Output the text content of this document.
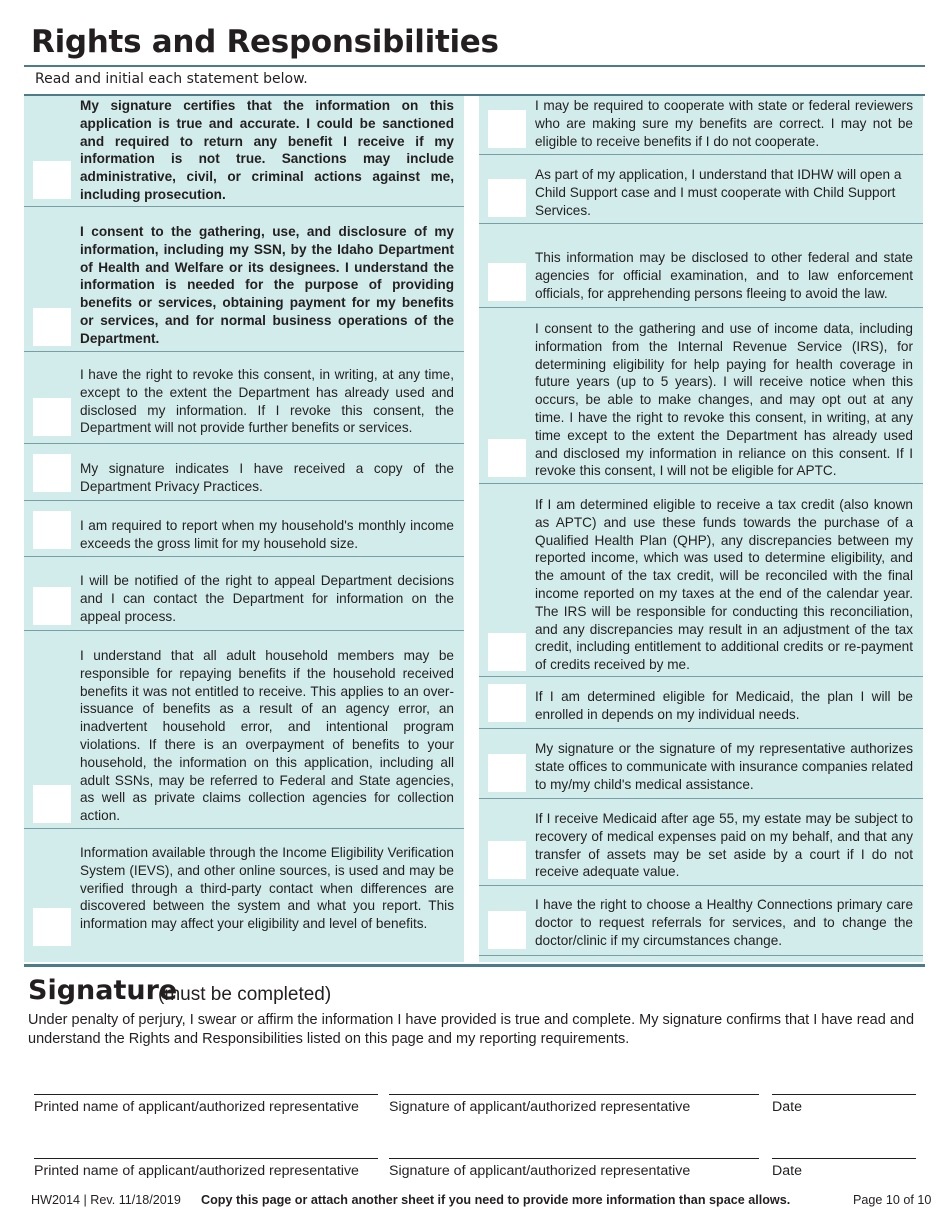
Rights and Responsibilities
Read and initial each statement below.
My signature certifies that the information on this application is true and accurate. I could be sanctioned and required to return any benefit I receive if my information is not true. Sanctions may include administrative, civil, or criminal actions against me, including prosecution.
I consent to the gathering, use, and disclosure of my information, including my SSN, by the Idaho Department of Health and Welfare or its designees. I understand the information is needed for the purpose of providing benefits or services, obtaining payment for my benefits or services, and for normal business operations of the Department.
I have the right to revoke this consent, in writing, at any time, except to the extent the Department has already used and disclosed my information. If I revoke this consent, the Department will not provide further benefits or services.
My signature indicates I have received a copy of the Department Privacy Practices.
I am required to report when my household's monthly income exceeds the gross limit for my household size.
I will be notified of the right to appeal Department decisions and I can contact the Department for information on the appeal process.
I understand that all adult household members may be responsible for repaying benefits if the household received benefits it was not entitled to receive. This applies to an over-issuance of benefits as a result of an agency error, an inadvertent household error, and intentional program violations. If there is an overpayment of benefits to your household, the information on this application, including all adult SSNs, may be referred to Federal and State agencies, as well as private claims collection agencies for collection action.
Information available through the Income Eligibility Verification System (IEVS), and other online sources, is used and may be verified through a third-party contact when differences are discovered between the system and what you report. This information may affect your eligibility and level of benefits.
I may be required to cooperate with state or federal reviewers who are making sure my benefits are correct. I may not be eligible to receive benefits if I do not cooperate.
As part of my application, I understand that IDHW will open a Child Support case and I must cooperate with Child Support Services.
This information may be disclosed to other federal and state agencies for official examination, and to law enforcement officials, for apprehending persons fleeing to avoid the law.
I consent to the gathering and use of income data, including information from the Internal Revenue Service (IRS), for determining eligibility for help paying for health coverage in future years (up to 5 years). I will receive notice when this occurs, be able to make changes, and may opt out at any time. I have the right to revoke this consent, in writing, at any time except to the extent the Department has already used and disclosed my information in reliance on this consent. If I revoke this consent, I will not be eligible for APTC.
If I am determined eligible to receive a tax credit (also known as APTC) and use these funds towards the purchase of a Qualified Health Plan (QHP), any discrepancies between my reported income, which was used to determine eligibility, and the amount of the tax credit, will be reconciled with the final income reported on my taxes at the end of the calendar year. The IRS will be responsible for conducting this reconciliation, and any discrepancies may result in an adjustment of the tax credit, including entitlement to additional credits or re-payment of credits received by me.
If I am determined eligible for Medicaid, the plan I will be enrolled in depends on my individual needs.
My signature or the signature of my representative authorizes state offices to communicate with insurance companies related to my/my child's medical assistance.
If I receive Medicaid after age 55, my estate may be subject to recovery of medical expenses paid on my behalf, and that any transfer of assets may be set aside by a court if I do not receive adequate value.
I have the right to choose a Healthy Connections primary care doctor to request referrals for services, and to change the doctor/clinic if my circumstances change.
Signature
(must be completed)
Under penalty of perjury, I swear or affirm the information I have provided is true and complete. My signature confirms that I have read and understand the Rights and Responsibilities listed on this page and my reporting requirements.
Printed name of applicant/authorized representative	Signature of applicant/authorized representative	Date
Printed name of applicant/authorized representative	Signature of applicant/authorized representative	Date
HW2014 | Rev. 11/18/2019 Copy this page or attach another sheet if you need to provide more information than space allows.	Page 10 of 10
